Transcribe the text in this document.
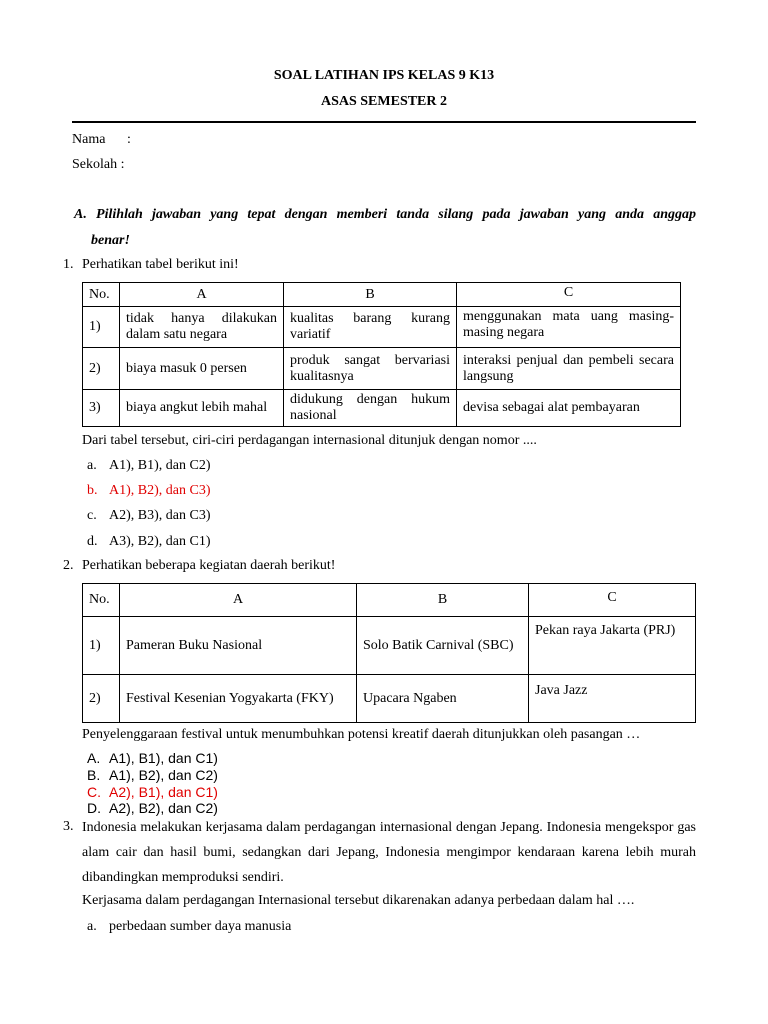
SOAL LATIHAN IPS KELAS 9 K13
ASAS SEMESTER 2
Nama :
Sekolah :
A. Pilihlah jawaban yang tepat dengan memberi tanda silang pada jawaban yang anda anggap
benar!
1. Perhatikan tabel berikut ini!
No.	A	B	C
1)	tidak hanya dilakukan dalam satu negara	kualitas barang kurang variatif	menggunakan mata uang masing-masing negara
2)	biaya masuk 0 persen	produk sangat bervariasi kualitasnya	interaksi penjual dan pembeli secara langsung
3)	biaya angkut lebih mahal	didukung dengan hukum nasional	devisa sebagai alat pembayaran
Dari tabel tersebut, ciri-ciri perdagangan internasional ditunjuk dengan nomor ....
a. A1), B1), dan C2)
b. A1), B2), dan C3)
c. A2), B3), dan C3)
d. A3), B2), dan C1)
2. Perhatikan beberapa kegiatan daerah berikut!
No.	A	B	C
1)	Pameran Buku Nasional	Solo Batik Carnival (SBC)	Pekan raya Jakarta (PRJ)
2)	Festival Kesenian Yogyakarta (FKY)	Upacara Ngaben	Java Jazz
Penyelenggaraan festival untuk menumbuhkan potensi kreatif daerah ditunjukkan oleh pasangan …
A. A1), B1), dan C1)
B. A1), B2), dan C2)
C. A2), B1), dan C1)
D. A2), B2), dan C2)
3. Indonesia melakukan kerjasama dalam perdagangan internasional dengan Jepang. Indonesia mengekspor gas alam cair dan hasil bumi, sedangkan dari Jepang, Indonesia mengimpor kendaraan karena lebih murah dibandingkan memproduksi sendiri.
Kerjasama dalam perdagangan Internasional tersebut dikarenakan adanya perbedaan dalam hal ….
a. perbedaan sumber daya manusia
